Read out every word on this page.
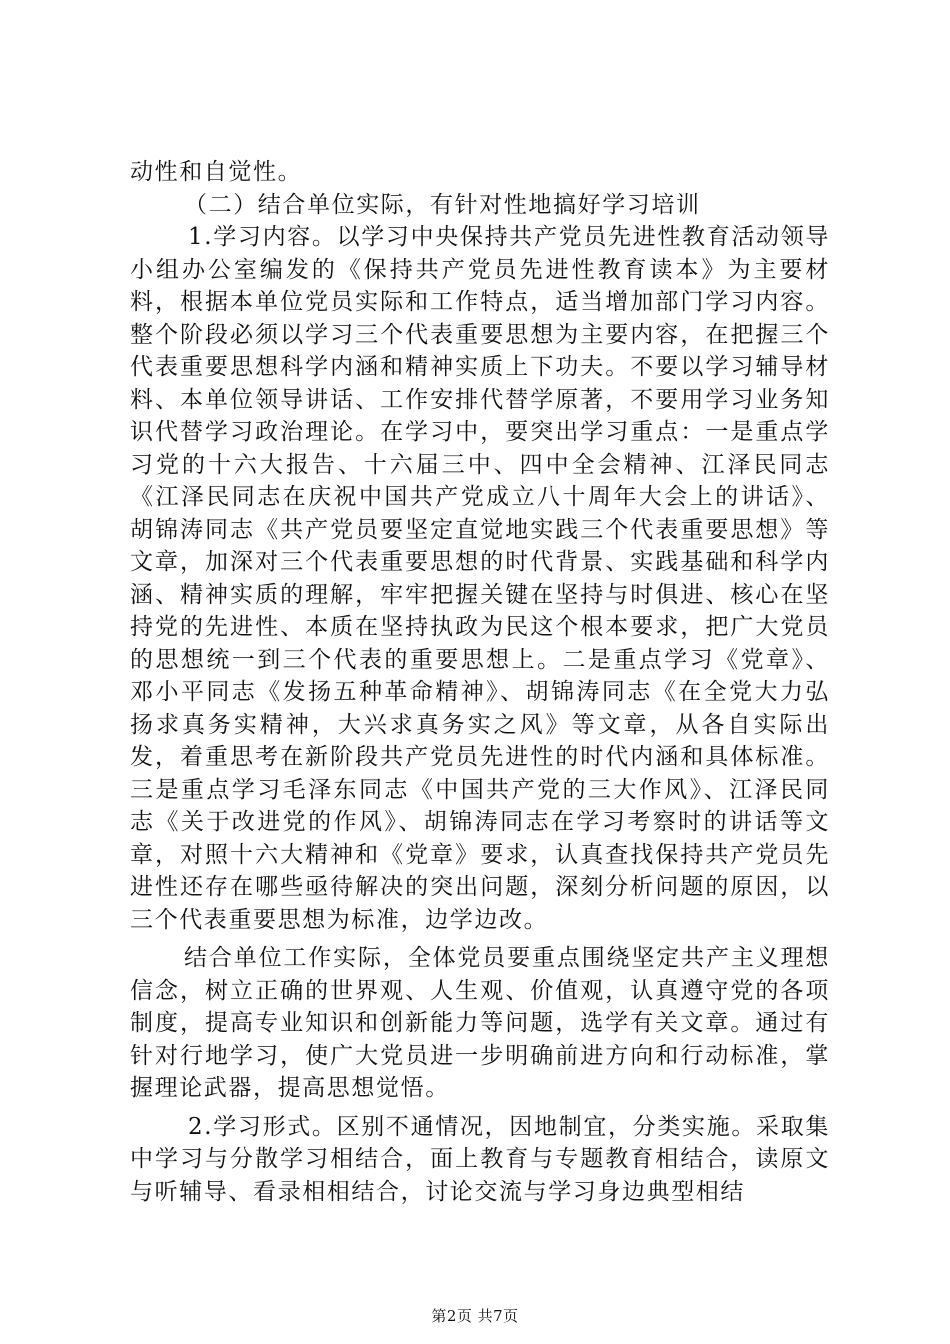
动性和自觉性。

（二）结合单位实际，有针对性地搞好学习培训

1.学习内容。以学习中央保持共产党员先进性教育活动领导小组办公室编发的《保持共产党员先进性教育读本》为主要材料，根据本单位党员实际和工作特点，适当增加部门学习内容。整个阶段必须以学习三个代表重要思想为主要内容，在把握三个代表重要思想科学内涵和精神实质上下功夫。不要以学习辅导材料、本单位领导讲话、工作安排代替学原著，不要用学习业务知识代替学习政治理论。在学习中，要突出学习重点：一是重点学习党的十六大报告、十六届三中、四中全会精神、江泽民同志《江泽民同志在庆祝中国共产党成立八十周年大会上的讲话》、胡锦涛同志《共产党员要坚定直觉地实践三个代表重要思想》等文章，加深对三个代表重要思想的时代背景、实践基础和科学内涵、精神实质的理解，牢牢把握关键在坚持与时俱进、核心在坚持党的先进性、本质在坚持执政为民这个根本要求，把广大党员的思想统一到三个代表的重要思想上。二是重点学习《党章》、邓小平同志《发扬五种革命精神》、胡锦涛同志《在全党大力弘扬求真务实精神，大兴求真务实之风》等文章，从各自实际出发，着重思考在新阶段共产党员先进性的时代内涵和具体标准。三是重点学习毛泽东同志《中国共产党的三大作风》、江泽民同志《关于改进党的作风》、胡锦涛同志在学习考察时的讲话等文章，对照十六大精神和《党章》要求，认真查找保持共产党员先进性还存在哪些亟待解决的突出问题，深刻分析问题的原因，以三个代表重要思想为标准，边学边改。

结合单位工作实际，全体党员要重点围绕坚定共产主义理想信念，树立正确的世界观、人生观、价值观，认真遵守党的各项制度，提高专业知识和创新能力等问题，选学有关文章。通过有针对行地学习，使广大党员进一步明确前进方向和行动标准，掌握理论武器，提高思想觉悟。

2.学习形式。区别不通情况，因地制宜，分类实施。采取集中学习与分散学习相结合，面上教育与专题教育相结合，读原文与听辅导、看录相相结合，讨论交流与学习身边典型相结

第2页 共7页
